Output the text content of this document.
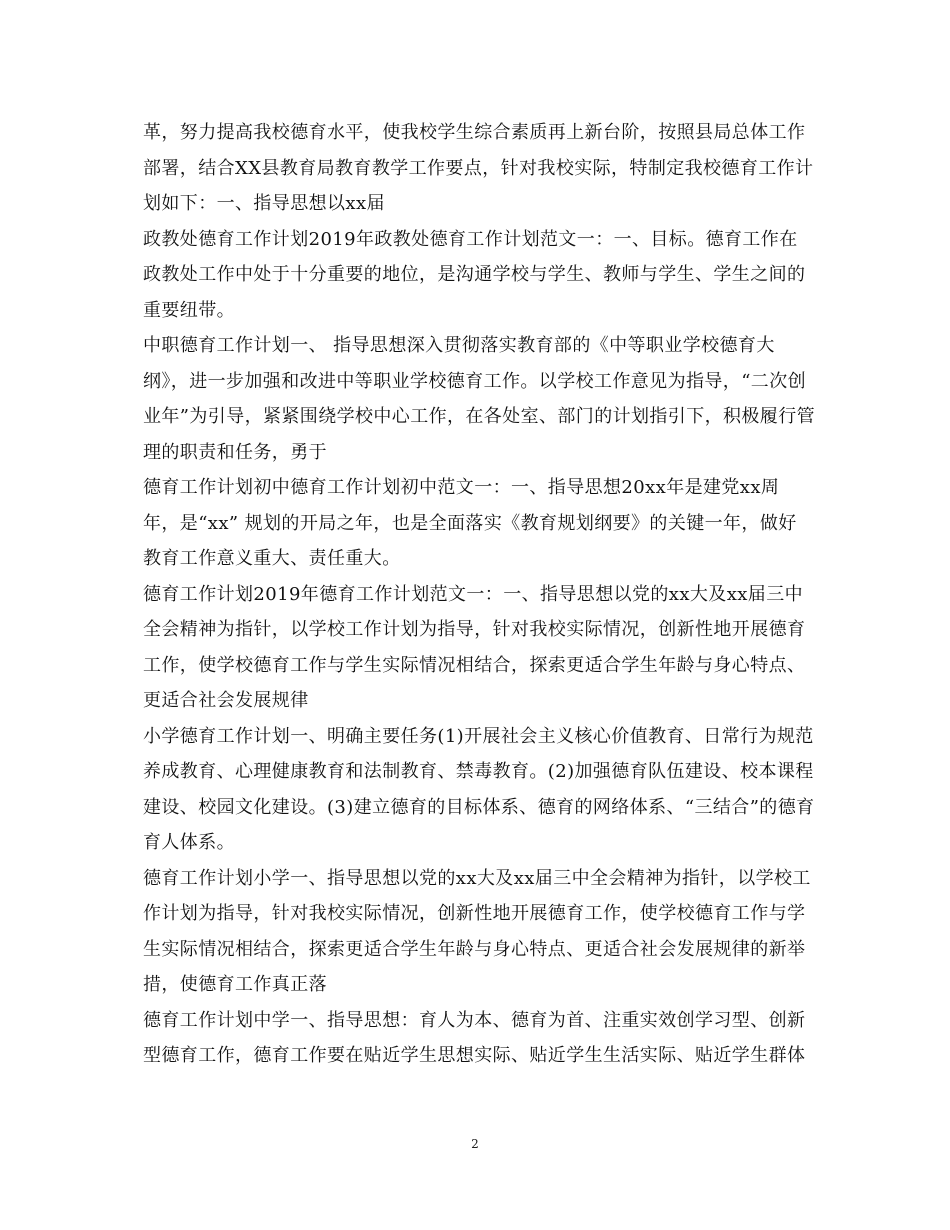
革，努力提高我校德育水平，使我校学生综合素质再上新台阶，按照县局总体工作部署，结合XX县教育局教育教学工作要点，针对我校实际，特制定我校德育工作计划如下：一、指导思想以xx届

政教处德育工作计划2019年政教处德育工作计划范文一：一、目标。德育工作在政教处工作中处于十分重要的地位，是沟通学校与学生、教师与学生、学生之间的重要纽带。

中职德育工作计划一、 指导思想深入贯彻落实教育部的《中等职业学校德育大纲》，进一步加强和改进中等职业学校德育工作。以学校工作意见为指导，“二次创业年”为引导，紧紧围绕学校中心工作，在各处室、部门的计划指引下，积极履行管理的职责和任务，勇于

德育工作计划初中德育工作计划初中范文一：一、指导思想20xx年是建党xx周年，是“xx” 规划的开局之年，也是全面落实《教育规划纲要》的关键一年，做好教育工作意义重大、责任重大。

德育工作计划2019年德育工作计划范文一：一、指导思想以党的xx大及xx届三中全会精神为指针，以学校工作计划为指导，针对我校实际情况，创新性地开展德育工作，使学校德育工作与学生实际情况相结合，探索更适合学生年龄与身心特点、更适合社会发展规律

小学德育工作计划一、明确主要任务(1)开展社会主义核心价值教育、日常行为规范养成教育、心理健康教育和法制教育、禁毒教育。(2)加强德育队伍建设、校本课程建设、校园文化建设。(3)建立德育的目标体系、德育的网络体系、“三结合”的德育育人体系。

德育工作计划小学一、指导思想以党的xx大及xx届三中全会精神为指针，以学校工作计划为指导，针对我校实际情况，创新性地开展德育工作，使学校德育工作与学生实际情况相结合，探索更适合学生年龄与身心特点、更适合社会发展规律的新举措，使德育工作真正落

德育工作计划中学一、指导思想：育人为本、德育为首、注重实效创学习型、创新型德育工作，德育工作要在贴近学生思想实际、贴近学生生活实际、贴近学生群体

2
